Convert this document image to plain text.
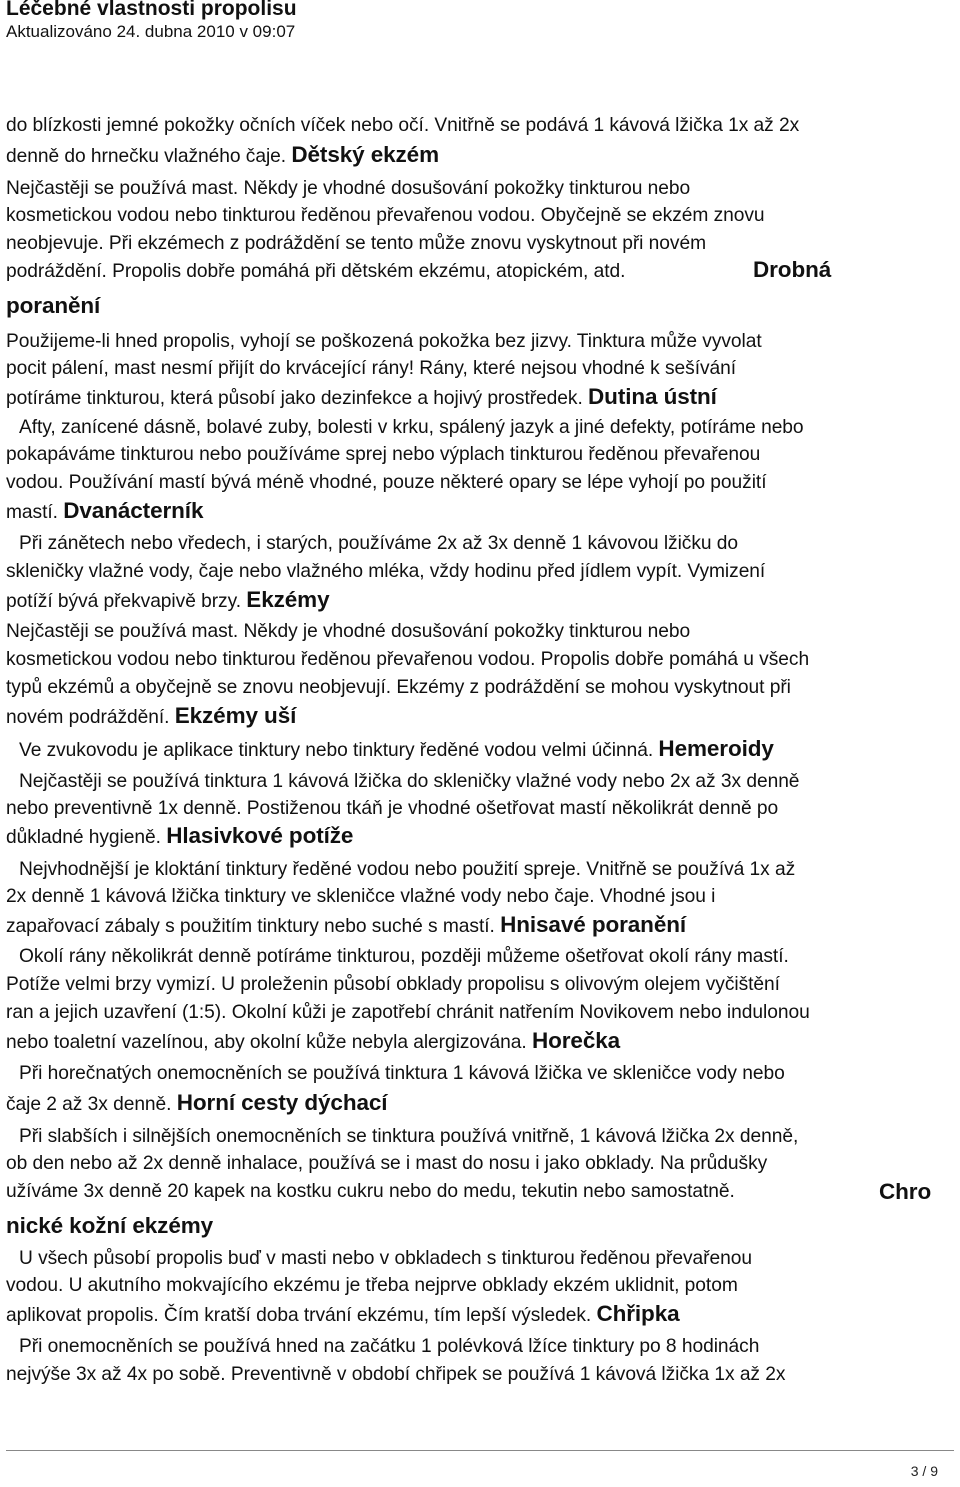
Léčebné vlastnosti propolisu
Aktualizováno 24. dubna 2010 v 09:07
do blízkosti jemné pokožky očních víček nebo očí. Vnitřně se podává 1 kávová lžička 1x až 2x
denně do hrnečku vlažného čaje. Dětský ekzém
Nejčastěji se používá mast. Někdy je vhodné dosušování pokožky tinkturou nebo
kosmetickou vodou nebo tinkturou ředěnou převařenou vodou. Obyčejně se ekzém znovu
neobjevuje. Při ekzémech z podráždění se tento může znovu vyskytnout při novém
podráždění. Propolis dobře pomáhá při dětském ekzému, atopickém, atd.	Drobná
poranění
Použijeme-li hned propolis, vyhojí se poškozená pokožka bez jizvy. Tinktura může vyvolat
pocit pálení, mast nesmí přijít do krvácející rány! Rány, které nejsou vhodné k sešívání
potíráme tinkturou, která působí jako dezinfekce a hojivý prostředek. Dutina ústní
Afty, zanícené dásně, bolavé zuby, bolesti v krku, spálený jazyk a jiné defekty, potíráme nebo
pokapáváme tinkturou nebo používáme sprej nebo výplach tinkturou ředěnou převařenou
vodou. Používání mastí bývá méně vhodné, pouze některé opary se lépe vyhojí po použití
mastí. Dvanácterník
Při zánětech nebo vředech, i starých, používáme 2x až 3x denně 1 kávovou lžičku do
skleničky vlažné vody, čaje nebo vlažného mléka, vždy hodinu před jídlem vypít. Vymizení
potíží bývá překvapivě brzy. Ekzémy
Nejčastěji se používá mast. Někdy je vhodné dosušování pokožky tinkturou nebo
kosmetickou vodou nebo tinkturou ředěnou převařenou vodou. Propolis dobře pomáhá u všech
typů ekzémů a obyčejně se znovu neobjevují. Ekzémy z podráždění se mohou vyskytnout při
novém podráždění. Ekzémy uší
Ve zvukovodu je aplikace tinktury nebo tinktury ředěné vodou velmi účinná. Hemeroidy
Nejčastěji se používá tinktura 1 kávová lžička do skleničky vlažné vody nebo 2x až 3x denně
nebo preventivně 1x denně. Postiženou tkáň je vhodné ošetřovat mastí několikrát denně po
důkladné hygieně. Hlasivkové potíže
Nejvhodnější je kloktání tinktury ředěné vodou nebo použití spreje. Vnitřně se používá 1x až
2x denně 1 kávová lžička tinktury ve skleničce vlažné vody nebo čaje. Vhodné jsou i
zapařovací zábaly s použitím tinktury nebo suché s mastí. Hnisavé poranění
Okolí rány několikrát denně potíráme tinkturou, později můžeme ošetřovat okolí rány mastí.
Potíže velmi brzy vymizí. U proleženin působí obklady propolisu s olivovým olejem vyčištění
ran a jejich uzavření (1:5). Okolní kůži je zapotřebí chránit natřením Novikovem nebo indulonou
nebo toaletní vazelínou, aby okolní kůže nebyla alergizována. Horečka
Při horečnatých onemocněních se používá tinktura 1 kávová lžička ve skleničce vody nebo
čaje 2 až 3x denně. Horní cesty dýchací
Při slabších i silnějších onemocněních se tinktura používá vnitřně, 1 kávová lžička 2x denně,
ob den nebo až 2x denně inhalace, používá se i mast do nosu i jako obklady. Na průdušky
užíváme 3x denně 20 kapek na kostku cukru nebo do medu, tekutin nebo samostatně.	Chro
nické kožní ekzémy
U všech působí propolis buď v masti nebo v obkladech s tinkturou ředěnou převařenou
vodou. U akutního mokvajícího ekzému je třeba nejprve obklady ekzém uklidnit, potom
aplikovat propolis. Čím kratší doba trvání ekzému, tím lepší výsledek. Chřipka
Při onemocněních se používá hned na začátku 1 polévková lžíce tinktury po 8 hodinách
nejvýše 3x až 4x po sobě. Preventivně v období chřipek se používá 1 kávová lžička 1x až 2x
3 / 9
